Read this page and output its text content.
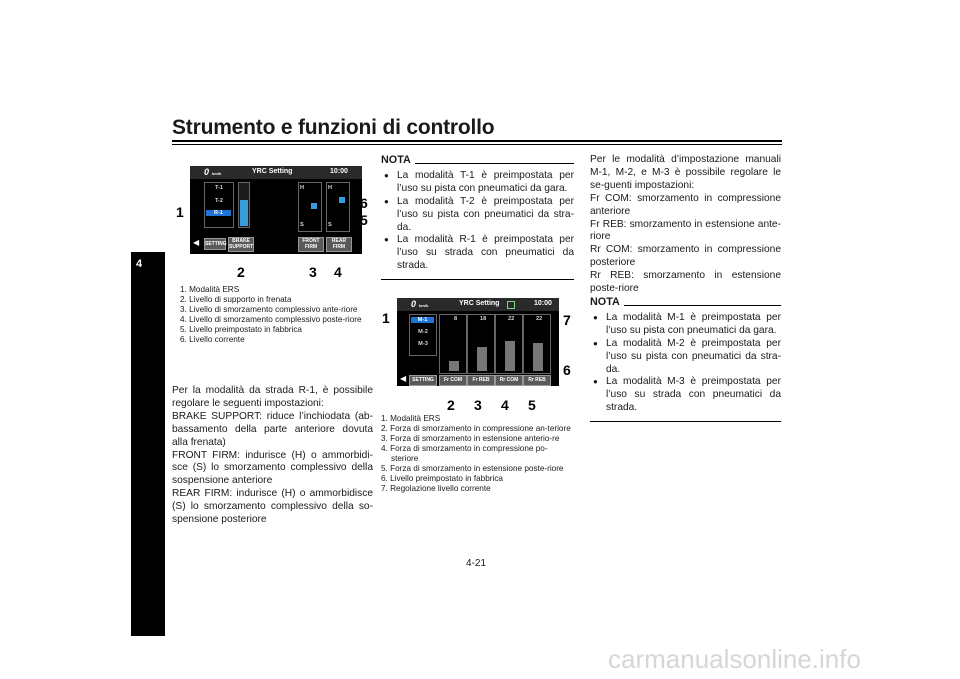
Strumento e funzioni di controllo
4
0 km/h	YRC Setting	10:00
T-1
T-2
R-1
H
S
H
S
◀ SETTING	BRAKE
SUPPORT
FRONT
FIRM
REAR
FIRM
1
2	3 4
5
6
1. Modalità ERS
2. Livello di supporto in frenata
3. Livello di smorzamento complessivo ante-riore
4. Livello di smorzamento complessivo poste-riore
5. Livello preimpostato in fabbrica
6. Livello corrente

Per la modalità da strada R-1, è possibile regolare le seguenti impostazioni:

BRAKE SUPPORT: riduce l’inchiodata (ab-bassamento della parte anteriore dovuta alla frenata)

FRONT FIRM: indurisce (H) o ammorbidi-sce (S) lo smorzamento complessivo della sospensione anteriore

REAR FIRM: indurisce (H) o ammorbidisce (S) lo smorzamento complessivo della so-spensione posteriore

NOTA

● La modalità T-1 è preimpostata per l’uso su pista con pneumatici da gara.

● La modalità T-2 è preimpostata per l’uso su pista con pneumatici da stra-da.

● La modalità R-1 è preimpostata per l’uso su strada con pneumatici da strada.

0 km/h	YRC Setting	10:00
M-1
M-2
M-3
8	18	22	22
◀	SETTING	Fr COM	Fr REB	Rr COM	Rr REB
1
2 3 4 5
6
7
1. Modalità ERS
2. Forza di smorzamento in compressione an-teriore
3. Forza di smorzamento in estensione anterio-re
4. Forza di smorzamento in compressione po-steriore
5. Forza di smorzamento in estensione poste-riore
6. Livello preimpostato in fabbrica
7. Regolazione livello corrente
4-21

Per le modalità d’impostazione manuali M-1, M-2, e M-3 è possibile regolare le se-guenti impostazioni:

Fr COM: smorzamento in compressione anteriore

Fr REB: smorzamento in estensione ante-riore

Rr COM: smorzamento in compressione posteriore

Rr REB: smorzamento in estensione poste-riore

NOTA

● La modalità M-1 è preimpostata per l’uso su pista con pneumatici da gara.

● La modalità M-2 è preimpostata per l’uso su pista con pneumatici da stra-da.

● La modalità M-3 è preimpostata per l’uso su strada con pneumatici da strada.

carmanualsonline.info
